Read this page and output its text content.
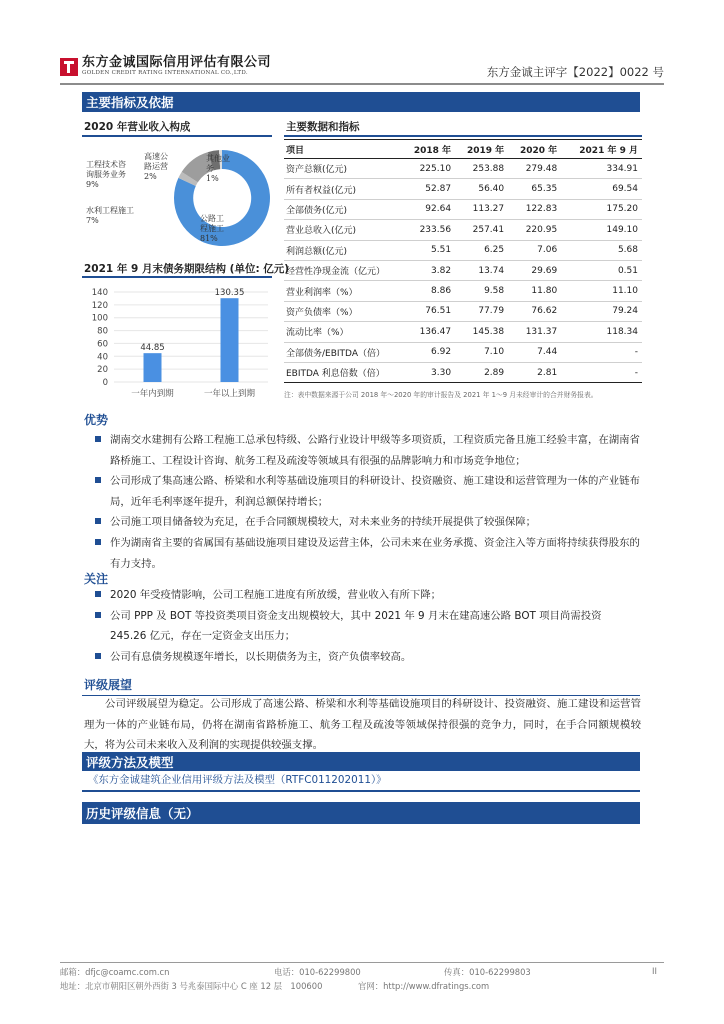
东方金诚国际信用评估有限公司
GOLDEN CREDIT RATING INTERNATIONAL CO.,LTD.	东方金诚主评字【2022】0022 号
主要指标及依据
2020 年营业收入构成
高速公
路运营
2%
其他业
务
1%
工程技术咨
询服务业务
9%
水利工程施工
7%	公路工
程施工
81%
2021 年 9 月末债务期限结构 (单位: 亿元)
0
20
40
60
80
100
120
140
44.85
一年内到期
130.35
一年以上到期
主要数据和指标
项目	2018 年	2019 年	2020 年	2021 年 9 月
资产总额(亿元)	225.10	253.88	279.48	334.91
所有者权益(亿元)	52.87	56.40	65.35	69.54
全部债务(亿元)	92.64	113.27	122.83	175.20
营业总收入(亿元)	233.56	257.41	220.95	149.10
利润总额(亿元)	5.51	6.25	7.06	5.68
经营性净现金流（亿元）	3.82	13.74	29.69	0.51
营业利润率（%）	8.86	9.58	11.80	11.10
资产负债率（%）	76.51	77.79	76.62	79.24
流动比率（%）	136.47	145.38	131.37	118.34
全部债务/EBITDA（倍）	6.92	7.10	7.44	-
EBITDA 利息倍数（倍）	3.30	2.89	2.81	-
注：表中数据来源于公司 2018 年～2020 年的审计报告及 2021 年 1～9 月未经审计的合并财务报表。
优势
湖南交水建拥有公路工程施工总承包特级、公路行业设计甲级等多项资质，工程资质完备且施工经验丰富，在湖南省路桥施工、工程设计咨询、航务工程及疏浚等领域具有很强的品牌影响力和市场竞争地位；
公司形成了集高速公路、桥梁和水利等基础设施项目的科研设计、投资融资、施工建设和运营管理为一体的产业链布局，近年毛利率逐年提升，利润总额保持增长；
公司施工项目储备较为充足，在手合同额规模较大，对未来业务的持续开展提供了较强保障；
作为湖南省主要的省属国有基础设施项目建设及运营主体，公司未来在业务承揽、资金注入等方面将持续获得股东的有力支持。
关注
2020 年受疫情影响，公司工程施工进度有所放缓，营业收入有所下降；
公司 PPP 及 BOT 等投资类项目资金支出规模较大，其中 2021 年 9 月末在建高速公路 BOT 项目尚需投资 245.26 亿元，存在一定资金支出压力；
公司有息债务规模逐年增长，以长期债务为主，资产负债率较高。
评级展望
公司评级展望为稳定。公司形成了高速公路、桥梁和水利等基础设施项目的科研设计、投资融资、施工建设和运营管理为一体的产业链布局，仍将在湖南省路桥施工、航务工程及疏浚等领域保持很强的竞争力，同时，在手合同额规模较大，将为公司未来收入及利润的实现提供较强支撑。
评级方法及模型
《东方金诚建筑企业信用评级方法及模型（RTFC011202011）》
历史评级信息（无）
邮箱：dfjc@coamc.com.cn	电话：010-62299800	传真：010-62299803	II
地址：北京市朝阳区朝外西街 3 号兆泰国际中心 C 座 12 层　100600	官网：http://www.dfratings.com
